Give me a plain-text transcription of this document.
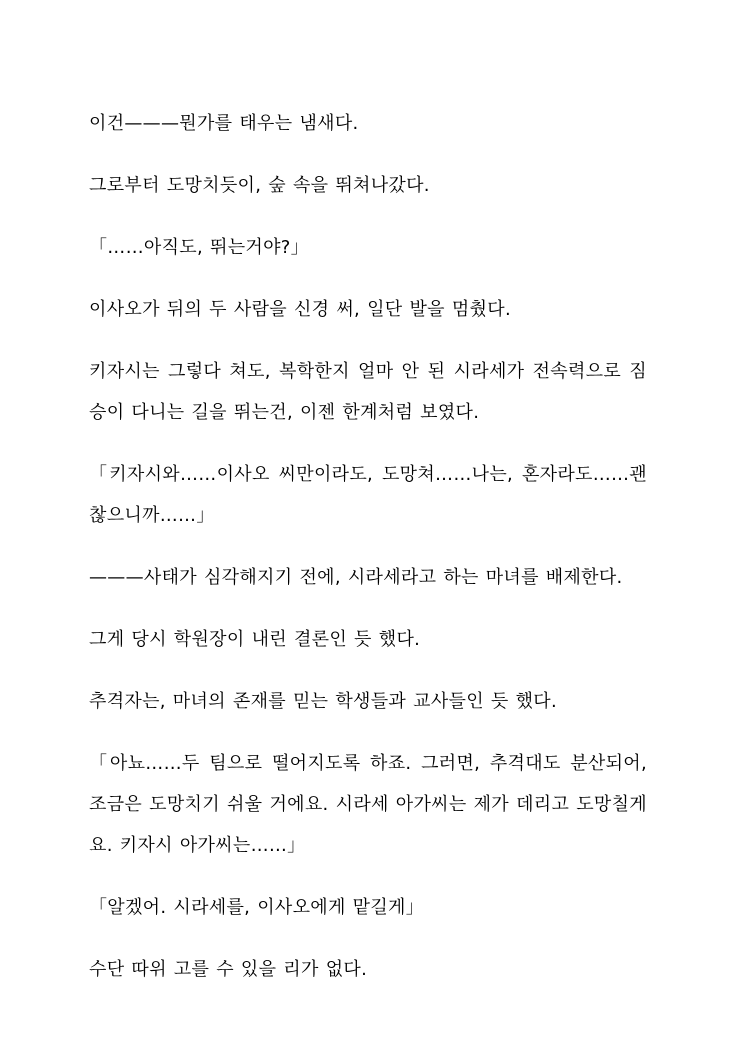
이건———뭔가를 태우는 냄새다.

그로부터 도망치듯이, 숲 속을 뛰쳐나갔다.

「……아직도, 뛰는거야?」

이사오가 뒤의 두 사람을 신경 써, 일단 발을 멈췄다.

키자시는 그렇다 쳐도, 복학한지 얼마 안 된 시라세가 전속력으로 짐승이 다니는 길을 뛰는건, 이젠 한계처럼 보였다.

「키자시와……이사오 씨만이라도, 도망쳐……나는, 혼자라도……괜찮으니까……」

———사태가 심각해지기 전에, 시라세라고 하는 마녀를 배제한다.

그게 당시 학원장이 내린 결론인 듯 했다.

추격자는, 마녀의 존재를 믿는 학생들과 교사들인 듯 했다.

「아뇨……두 팀으로 떨어지도록 하죠. 그러면, 추격대도 분산되어, 조금은 도망치기 쉬울 거에요. 시라세 아가씨는 제가 데리고 도망칠게요. 키자시 아가씨는……」

「알겠어. 시라세를, 이사오에게 맡길게」

수단 따위 고를 수 있을 리가 없다.
